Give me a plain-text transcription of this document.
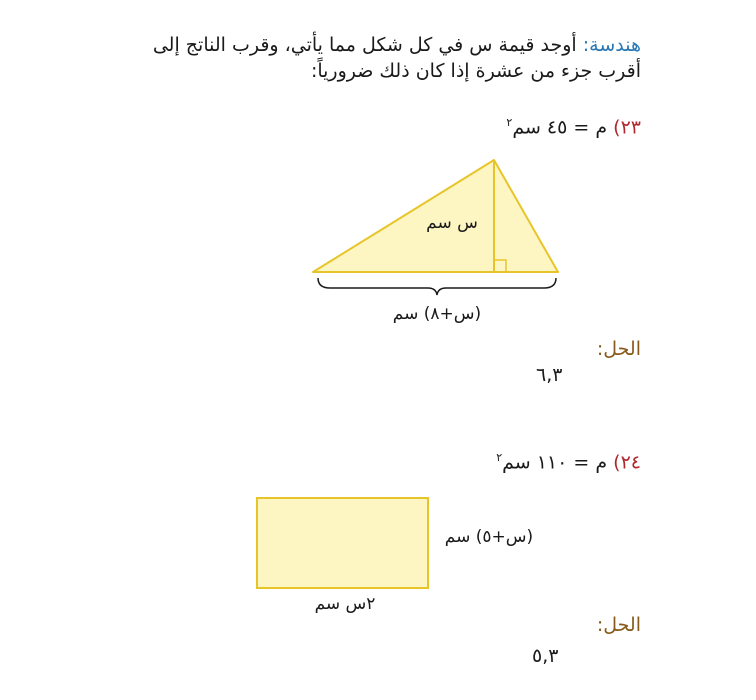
هندسة: أوجد قيمة س في كل شكل مما يأتي، وقرب الناتج إلى أقرب جزء من عشرة إذا كان ذلك ضرورياً:
٢٣) م = ٤٥ سم$^٢$
س سم
(س+٨) سم
الحل:
٦,٣
٢٤) م = ١١٠ سم$^٢$
(س+٥) سم
٢س سم
الحل:
٥,٣
